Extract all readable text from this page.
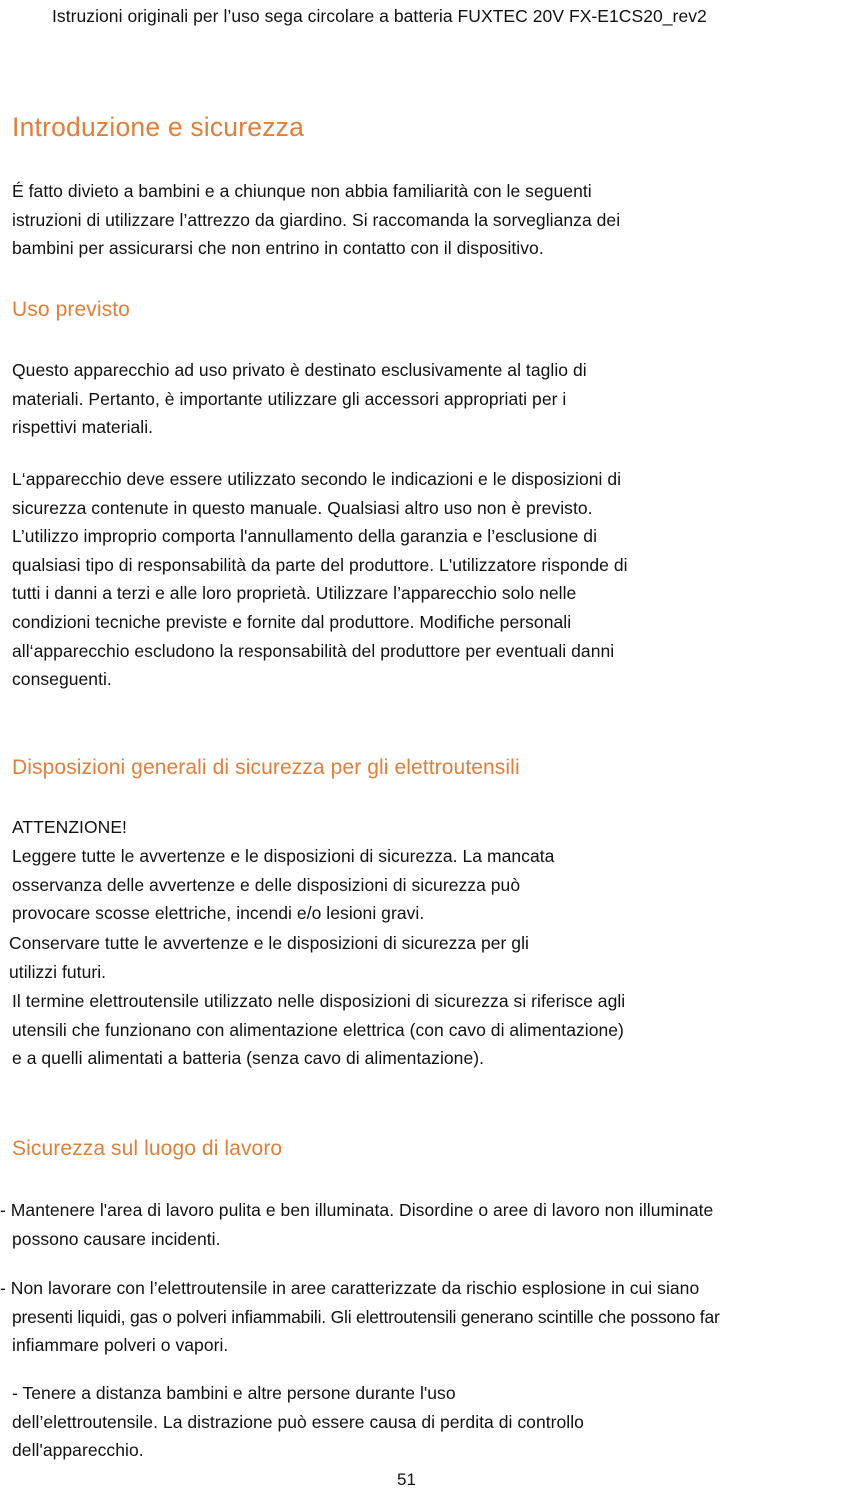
Istruzioni originali per l’uso sega circolare a batteria FUXTEC 20V FX-E1CS20_rev2
Introduzione e sicurezza
É fatto divieto a bambini e a chiunque non abbia familiarità con le seguenti
istruzioni di utilizzare l’attrezzo da giardino. Si raccomanda la sorveglianza dei
bambini per assicurarsi che non entrino in contatto con il dispositivo.
Uso previsto
Questo apparecchio ad uso privato è destinato esclusivamente al taglio di
materiali. Pertanto, è importante utilizzare gli accessori appropriati per i
rispettivi materiali.
L‘apparecchio deve essere utilizzato secondo le indicazioni e le disposizioni di
sicurezza contenute in questo manuale. Qualsiasi altro uso non è previsto.
L’utilizzo improprio comporta l'annullamento della garanzia e l’esclusione di
qualsiasi tipo di responsabilità da parte del produttore. L'utilizzatore risponde di
tutti i danni a terzi e alle loro proprietà. Utilizzare l’apparecchio solo nelle
condizioni tecniche previste e fornite dal produttore. Modifiche personali
all‘apparecchio escludono la responsabilità del produttore per eventuali danni
conseguenti.
Disposizioni generali di sicurezza per gli elettroutensili
ATTENZIONE!
Leggere tutte le avvertenze e le disposizioni di sicurezza. La mancata
osservanza delle avvertenze e delle disposizioni di sicurezza può
provocare scosse elettriche, incendi e/o lesioni gravi.
Conservare tutte le avvertenze e le disposizioni di sicurezza per gli
utilizzi futuri.
Il termine elettroutensile utilizzato nelle disposizioni di sicurezza si riferisce agli
utensili che funzionano con alimentazione elettrica (con cavo di alimentazione)
e a quelli alimentati a batteria (senza cavo di alimentazione).
Sicurezza sul luogo di lavoro
- Mantenere l'area di lavoro pulita e ben illuminata. Disordine o aree di lavoro non illuminate
possono causare incidenti.
- Non lavorare con l’elettroutensile in aree caratterizzate da rischio esplosione in cui siano
presenti liquidi, gas o polveri infiammabili. Gli elettroutensili generano scintille che possono far
infiammare polveri o vapori.
- Tenere a distanza bambini e altre persone durante l'uso
dell’elettroutensile. La distrazione può essere causa di perdita di controllo
dell'apparecchio.
51
